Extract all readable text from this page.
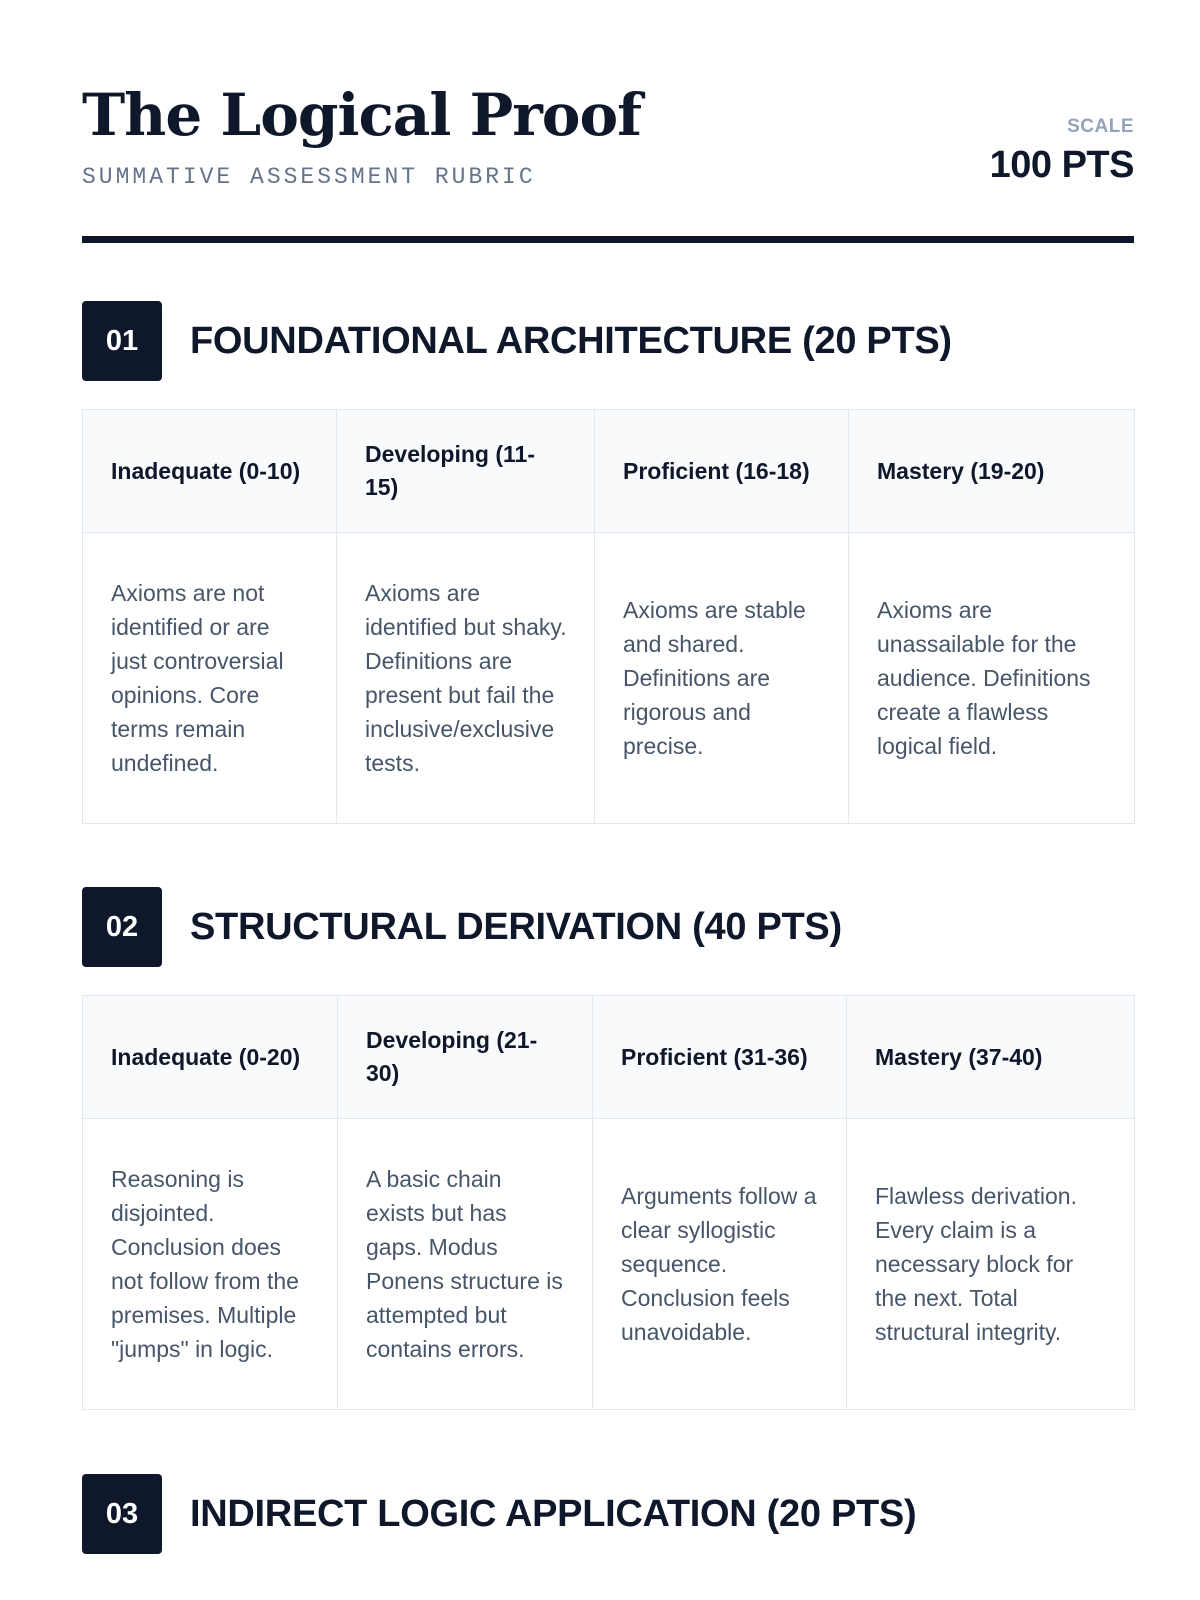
The Logical Proof
SUMMATIVE ASSESSMENT RUBRIC
SCALE
100 PTS
01	FOUNDATIONAL ARCHITECTURE (20 PTS)
Inadequate (0-10)	Developing (11-15)	Proficient (16-18)	Mastery (19-20)
Axioms are not identified or are just controversial opinions. Core terms remain undefined.	Axioms are identified but shaky. Definitions are present but fail the inclusive/exclusive tests.	Axioms are stable and shared. Definitions are rigorous and precise.	Axioms are unassailable for the audience. Definitions create a flawless logical field.
02	STRUCTURAL DERIVATION (40 PTS)
Inadequate (0-20)	Developing (21-30)	Proficient (31-36)	Mastery (37-40)
Reasoning is disjointed. Conclusion does not follow from the premises. Multiple "jumps" in logic.	A basic chain exists but has gaps. Modus Ponens structure is attempted but contains errors.	Arguments follow a clear syllogistic sequence. Conclusion feels unavoidable.	Flawless derivation. Every claim is a necessary block for the next. Total structural integrity.
03	INDIRECT LOGIC APPLICATION (20 PTS)
